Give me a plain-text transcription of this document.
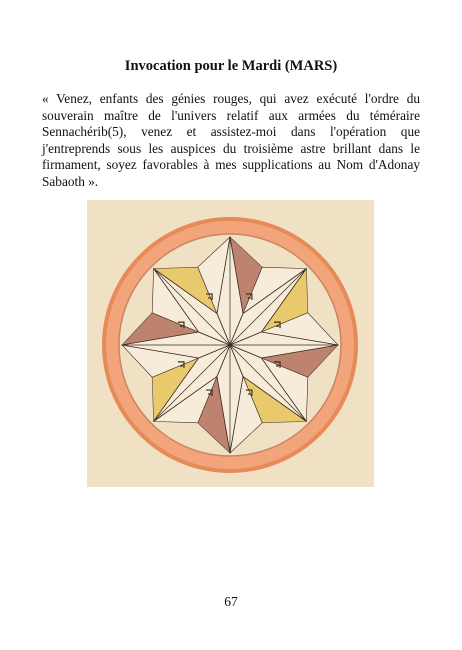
Invocation pour le Mardi (MARS)
« Venez, enfants des génies rouges, qui avez exécuté l'ordre du
souverain maître de l'univers relatif aux armées du téméraire
Sennachérib(5), venez et assistez-moi dans l'opération que
j'entreprends sous les auspices du troisième astre brillant dans le
firmament, soyez favorables à mes supplications au Nom d'Adonay
Sabaoth ».
67
